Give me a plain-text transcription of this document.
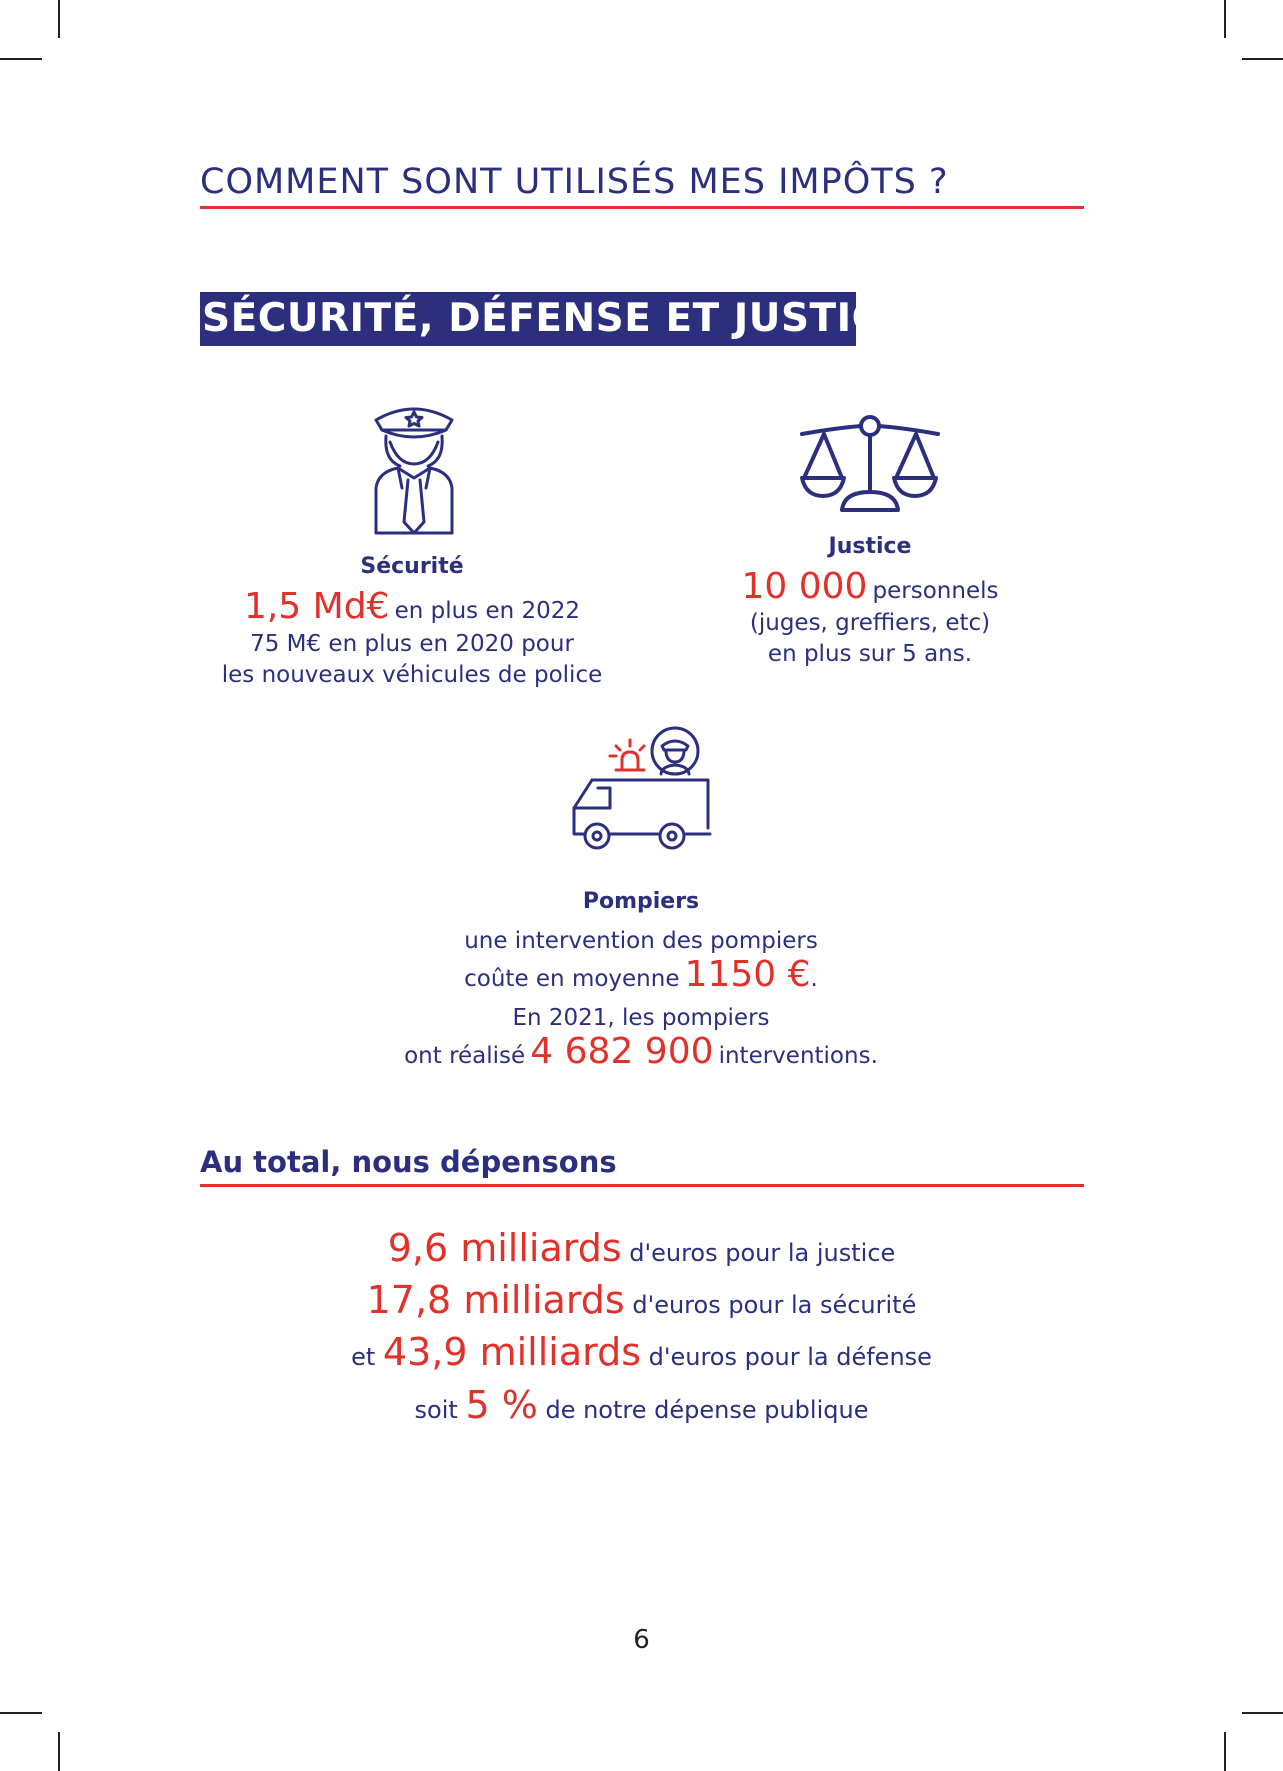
COMMENT SONT UTILISÉS MES IMPÔTS ?
SÉCURITÉ, DÉFENSE ET JUSTICE
Sécurité
1,5 Md€ en plus en 2022
75 M€ en plus en 2020 pour
les nouveaux véhicules de police
Justice
10 000 personnels
(juges, greffiers, etc)
en plus sur 5 ans.
Pompiers
une intervention des pompiers
coûte en moyenne 1150 €.
En 2021, les pompiers
ont réalisé 4 682 900 interventions.
Au total, nous dépensons
9,6 milliards d'euros pour la justice
17,8 milliards d'euros pour la sécurité
et 43,9 milliards d'euros pour la défense
soit 5 % de notre dépense publique
6
